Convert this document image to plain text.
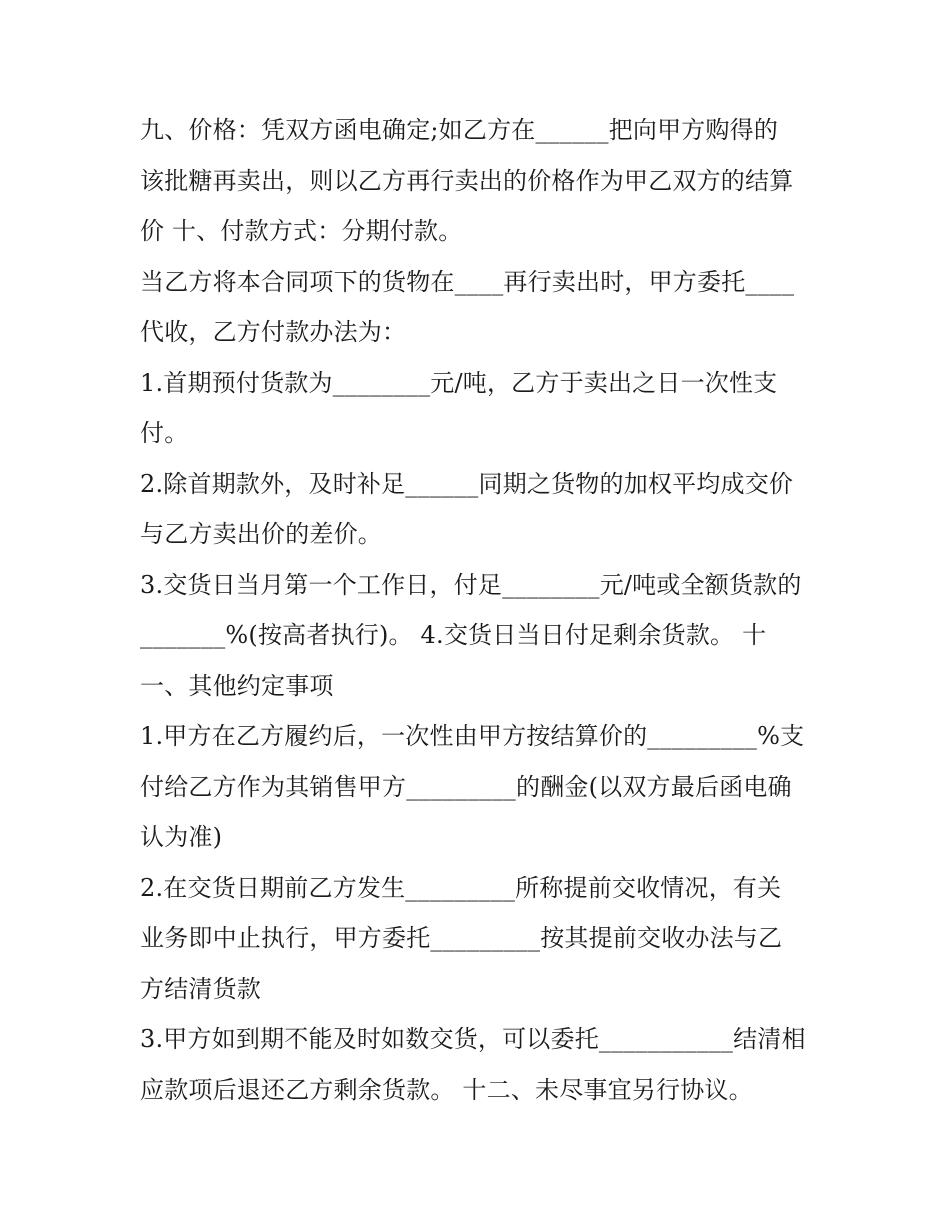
九、价格：凭双方函电确定;如乙方在______把向甲方购得的
该批糖再卖出，则以乙方再行卖出的价格作为甲乙双方的结算
价 十、付款方式：分期付款。
当乙方将本合同项下的货物在____再行卖出时，甲方委托____
代收，乙方付款办法为：
1.首期预付货款为________元/吨，乙方于卖出之日一次性支
付。
2.除首期款外，及时补足______同期之货物的加权平均成交价
与乙方卖出价的差价。
3.交货日当月第一个工作日，付足________元/吨或全额货款的
_______%(按高者执行)。 4.交货日当日付足剩余货款。 十
一、其他约定事项
1.甲方在乙方履约后，一次性由甲方按结算价的_________%支
付给乙方作为其销售甲方_________的酬金(以双方最后函电确
认为准)
2.在交货日期前乙方发生_________所称提前交收情况，有关
业务即中止执行，甲方委托_________按其提前交收办法与乙
方结清货款
3.甲方如到期不能及时如数交货，可以委托___________结清相
应款项后退还乙方剩余货款。 十二、未尽事宜另行协议。
